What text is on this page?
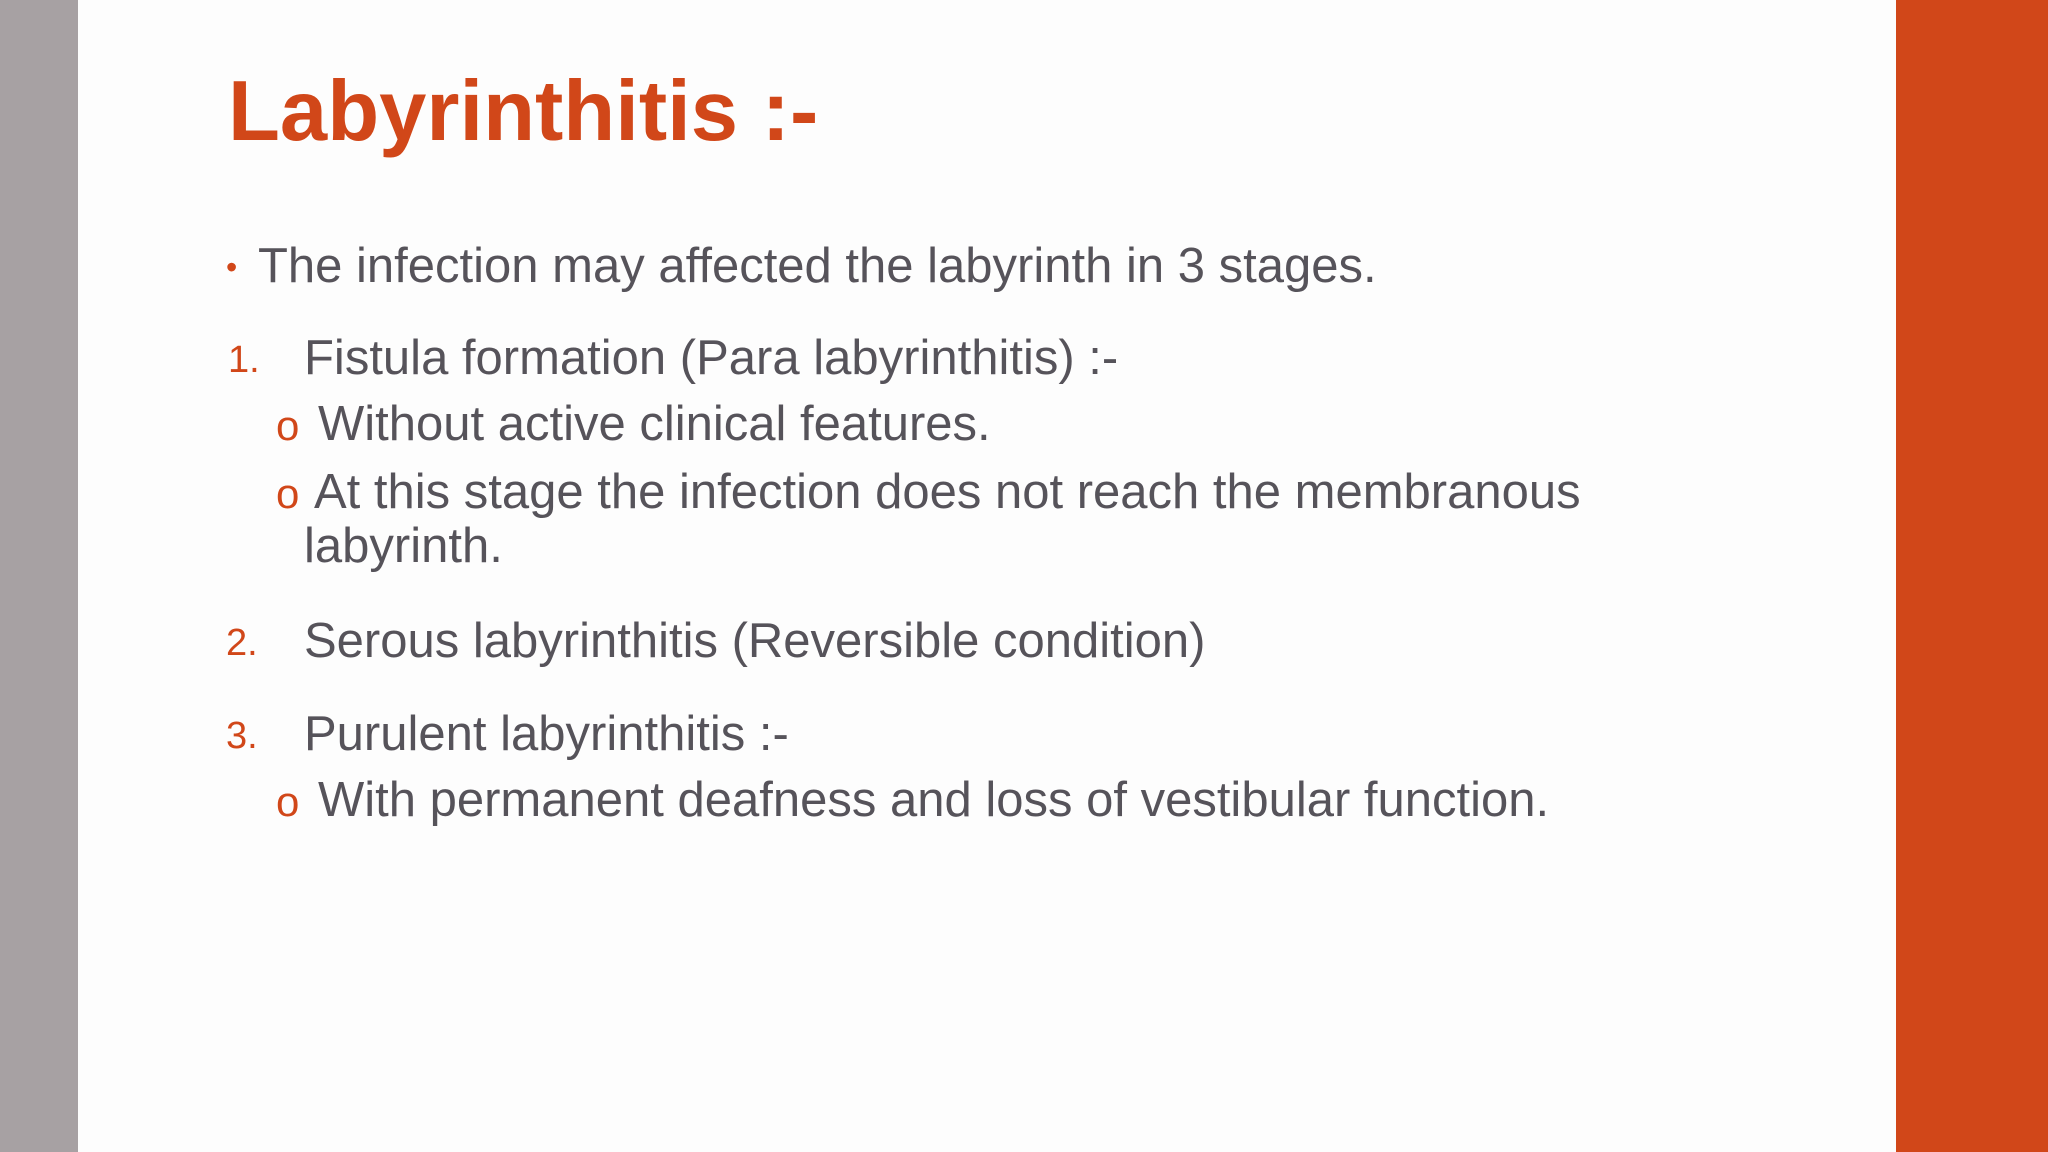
Labyrinthitis :-
• The infection may affected the labyrinth in 3 stages.

1. Fistula formation (Para labyrinthitis) :-

o Without active clinical features.

o At this stage the infection does not reach the membranous

labyrinth.

2. Serous labyrinthitis (Reversible condition)

3. Purulent labyrinthitis :-

o With permanent deafness and loss of vestibular function.
